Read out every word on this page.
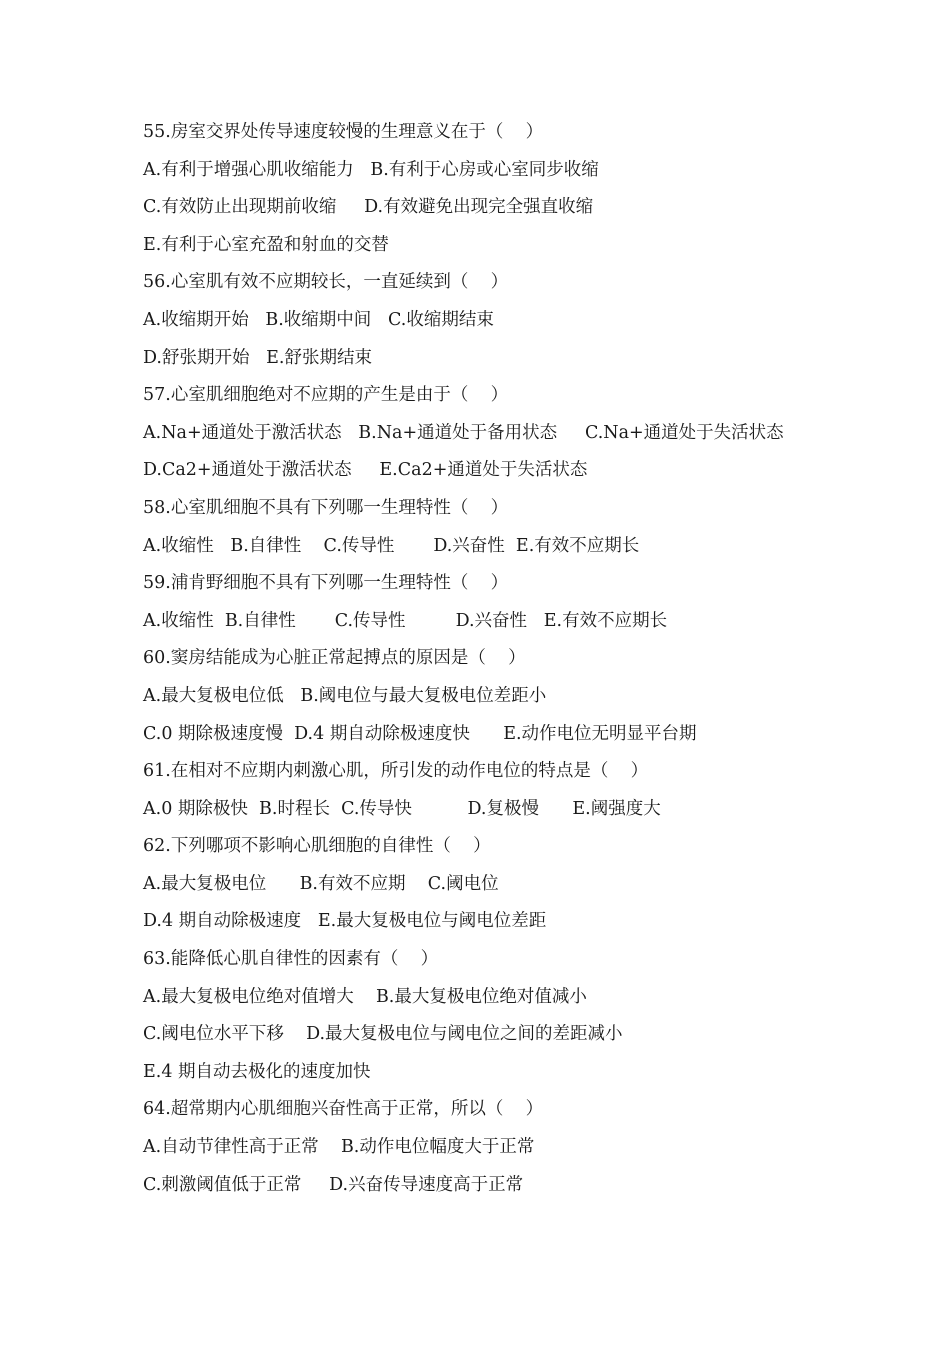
55.房室交界处传导速度较慢的生理意义在于（    ）
A.有利于增强心肌收缩能力   B.有利于心房或心室同步收缩
C.有效防止出现期前收缩     D.有效避免出现完全强直收缩
E.有利于心室充盈和射血的交替
56.心室肌有效不应期较长，一直延续到（    ）
A.收缩期开始   B.收缩期中间   C.收缩期结束
D.舒张期开始   E.舒张期结束
57.心室肌细胞绝对不应期的产生是由于（    ）
A.Na+通道处于激活状态   B.Na+通道处于备用状态     C.Na+通道处于失活状态
D.Ca2+通道处于激活状态     E.Ca2+通道处于失活状态
58.心室肌细胞不具有下列哪一生理特性（    ）
A.收缩性   B.自律性    C.传导性       D.兴奋性  E.有效不应期长
59.浦肯野细胞不具有下列哪一生理特性（    ）
A.收缩性  B.自律性       C.传导性         D.兴奋性   E.有效不应期长
60.窦房结能成为心脏正常起搏点的原因是（    ）
A.最大复极电位低   B.阈电位与最大复极电位差距小
C.0 期除极速度慢  D.4 期自动除极速度快      E.动作电位无明显平台期
61.在相对不应期内刺激心肌，所引发的动作电位的特点是（    ）
A.0 期除极快  B.时程长  C.传导快          D.复极慢      E.阈强度大
62.下列哪项不影响心肌细胞的自律性（    ）
A.最大复极电位      B.有效不应期    C.阈电位
D.4 期自动除极速度   E.最大复极电位与阈电位差距
63.能降低心肌自律性的因素有（    ）
A.最大复极电位绝对值增大    B.最大复极电位绝对值减小
C.阈电位水平下移    D.最大复极电位与阈电位之间的差距减小
E.4 期自动去极化的速度加快
64.超常期内心肌细胞兴奋性高于正常，所以（    ）
A.自动节律性高于正常    B.动作电位幅度大于正常
C.刺激阈值低于正常     D.兴奋传导速度高于正常
